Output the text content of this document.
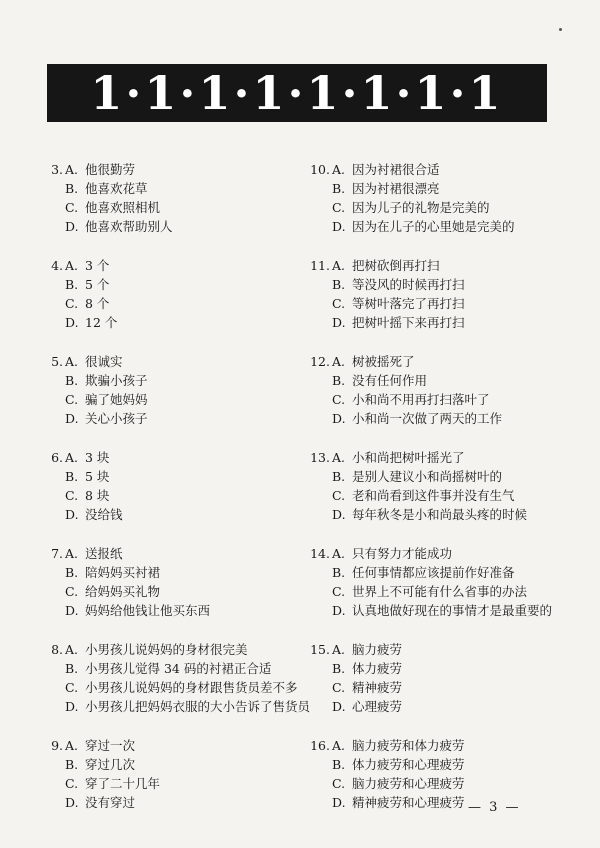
1·1·1·1·1·1·1·1
3. A. 他很勤劳
B. 他喜欢花草
C. 他喜欢照相机
D. 他喜欢帮助别人
4. A. 3 个
B. 5 个
C. 8 个
D. 12 个
5. A. 很诚实
B. 欺骗小孩子
C. 骗了她妈妈
D. 关心小孩子
6. A. 3 块
B. 5 块
C. 8 块
D. 没给钱
7. A. 送报纸
B. 陪妈妈买衬裙
C. 给妈妈买礼物
D. 妈妈给他钱让他买东西
8. A. 小男孩儿说妈妈的身材很完美
B. 小男孩儿觉得 34 码的衬裙正合适
C. 小男孩儿说妈妈的身材跟售货员差不多
D. 小男孩儿把妈妈衣服的大小告诉了售货员
9. A. 穿过一次
B. 穿过几次
C. 穿了二十几年
D. 没有穿过
10. A. 因为衬裙很合适
B. 因为衬裙很漂亮
C. 因为儿子的礼物是完美的
D. 因为在儿子的心里她是完美的
11. A. 把树砍倒再打扫
B. 等没风的时候再打扫
C. 等树叶落完了再打扫
D. 把树叶摇下来再打扫
12. A. 树被摇死了
B. 没有任何作用
C. 小和尚不用再打扫落叶了
D. 小和尚一次做了两天的工作
13. A. 小和尚把树叶摇光了
B. 是别人建议小和尚摇树叶的
C. 老和尚看到这件事并没有生气
D. 每年秋冬是小和尚最头疼的时候
14. A. 只有努力才能成功
B. 任何事情都应该提前作好准备
C. 世界上不可能有什么省事的办法
D. 认真地做好现在的事情才是最重要的
15. A. 脑力疲劳
B. 体力疲劳
C. 精神疲劳
D. 心理疲劳
16. A. 脑力疲劳和体力疲劳
B. 体力疲劳和心理疲劳
C. 脑力疲劳和心理疲劳
D. 精神疲劳和心理疲劳 — 3 —
